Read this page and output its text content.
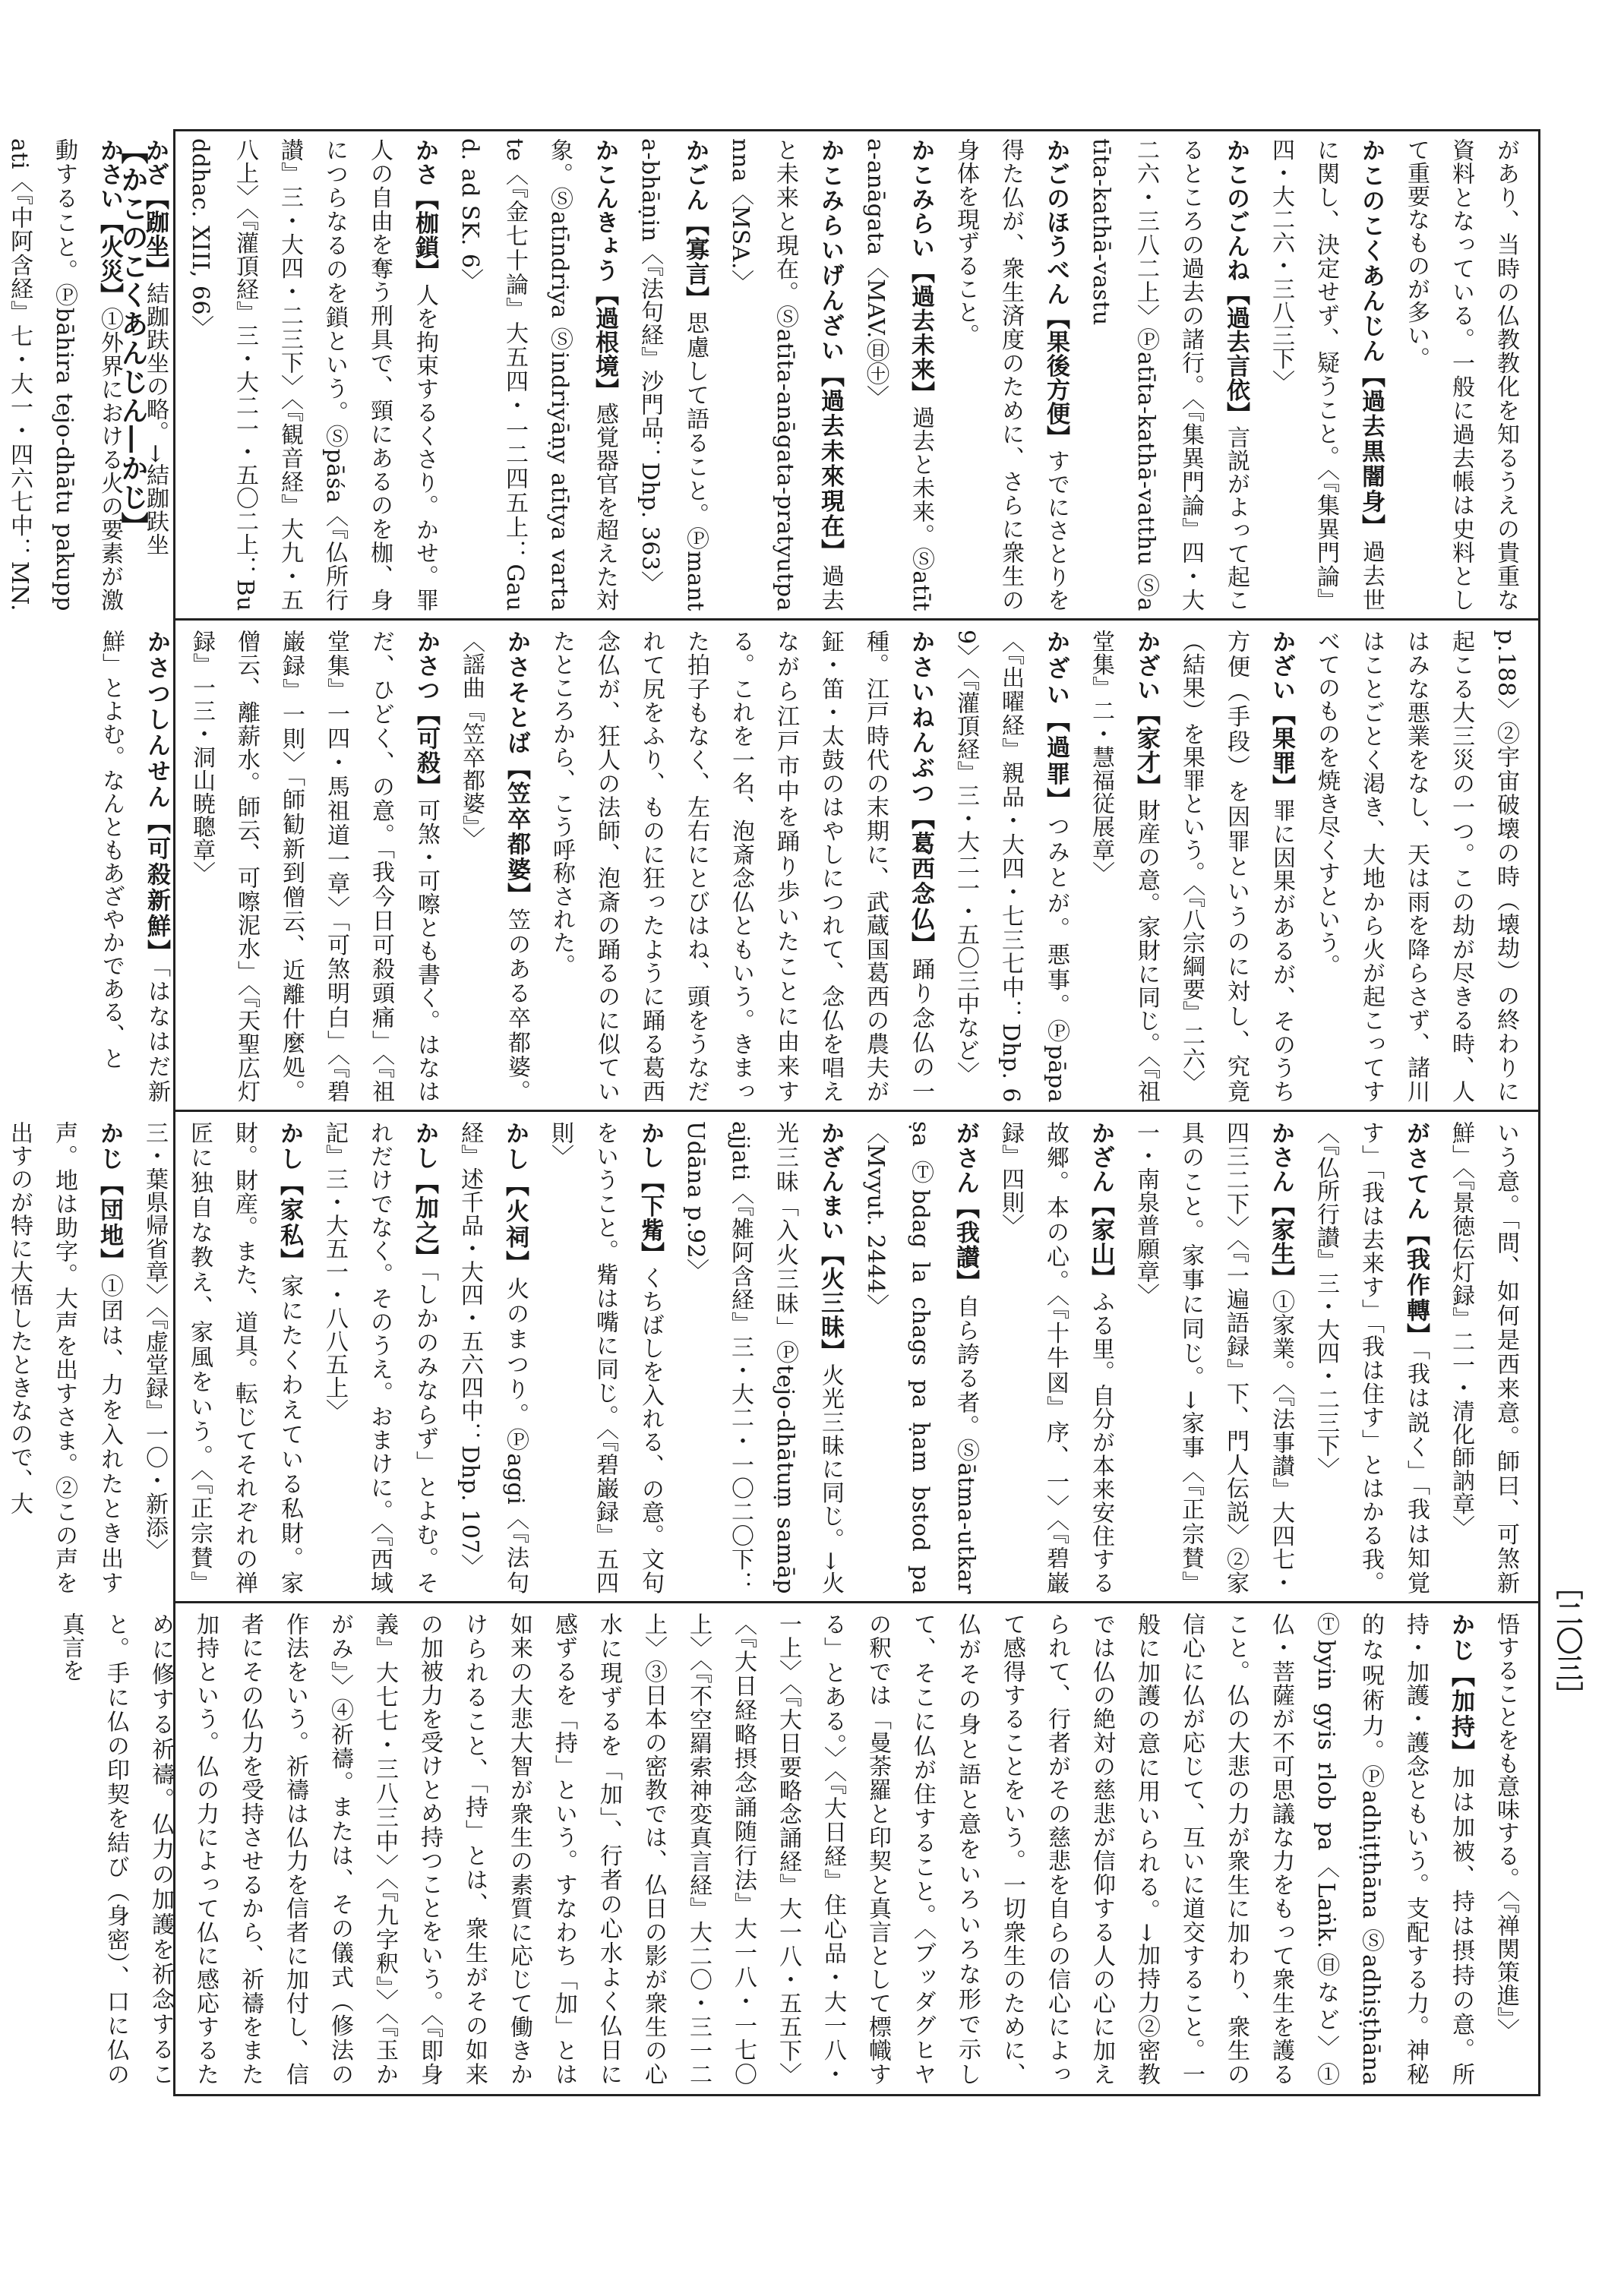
【かこのこくあんじん―かじ】
［二〇三］
があり、当時の仏教教化を知るうえの貴重な資料となっている。一般に過去帳は史料として重要なものが多い。
かこのこくあんじん【過去黒闇身】過去世に関し、決定せず、疑うこと。〈『集異門論』四・大二六・三八三下〉
かこのごんね【過去言依】言説がよって起こるところの過去の諸行。〈『集異門論』四・大二六・三八二上〉Ⓟatīta-kathā-vatthu Ⓢatīta-kathā-vastu
かごのほうべん【果後方便】すでにさとりを得た仏が、衆生済度のために、さらに衆生の身体を現ずること。
かこみらい【過去未来】過去と未来。Ⓢatīta-anāgata〈MAV.㊐㊉〉
かこみらいげんざい【過去未來現在】過去と未来と現在。Ⓢatīta-anāgata-pratyutpanna〈MSA.〉
かごん【寡言】思慮して語ること。Ⓟmanta-bhāṇin〈『法句経』沙門品：Dhp. 363〉
かこんきょう【過根境】感覚器官を超えた対象。Ⓢatīndriya Ⓢindriyāṇy atītya vartate〈『金七十論』大五四・一二四五上：Gaud. ad SK. 6〉
かさ【枷鎖】人を拘束するくさり。かせ。罪人の自由を奪う刑具で、頸にあるのを枷、身につらなるのを鎖という。Ⓢpāśa〈『仏所行讃』三・大四・二三下〉〈『観音経』大九・五八上〉〈『灌頂経』三・大二一・五〇二上：Buddhac. XIII, 66〉
かざ【跏坐】結跏趺坐の略。→結跏趺坐
かさい【火災】①外界における火の要素が激動すること。Ⓟbāhira tejo-dhātu pakuppati〈『中阿含経』七・大一・四六七中：MN.
p.188〉②宇宙破壊の時（壊劫）の終わりに起こる大三災の一つ。この劫が尽きる時、人はみな悪業をなし、天は雨を降らさず、諸川はことごとく渇き、大地から火が起こってすべてのものを焼き尽くすという。
かざい【果罪】罪に因果があるが、そのうち方便（手段）を因罪というのに対し、究竟（結果）を果罪という。〈『八宗綱要』二六〉
かざい【家才】財産の意。家財に同じ。〈『祖堂集』二・慧福従展章〉
かざい【過罪】つみとが。悪事。Ⓟpāpa〈『出曜経』親品・大四・七三七中：Dhp. 69〉〈『灌頂経』三・大二一・五〇三中など〉
かさいねんぶつ【葛西念仏】踊り念仏の一種。江戸時代の末期に、武蔵国葛西の農夫が鉦・笛・太鼓のはやしにつれて、念仏を唱えながら江戸市中を踊り歩いたことに由来する。これを一名、泡斎念仏ともいう。きまった拍子もなく、左右にとびはね、頭をうなだれて尻をふり、ものに狂ったように踊る葛西念仏が、狂人の法師、泡斎の踊るのに似ていたところから、こう呼称された。
かさそとば【笠卒都婆】笠のある卒都婆。〈謡曲『笠卒都婆』〉
かさつ【可殺】可煞・可嚓とも書く。はなはだ、ひどく、の意。「我今日可殺頭痛」〈『祖堂集』一四・馬祖道一章〉「可煞明白」〈『碧巌録』一則〉「師勧新到僧云、近離什麼処。僧云、離薪水。師云、可嚓泥水」〈『天聖広灯録』一三・洞山暁聰章〉
かさつしんせん【可殺新鮮】「はなはだ新鮮」とよむ。なんともあざやかである、と
いう意。「問、如何是西来意。師曰、可煞新鮮」〈『景徳伝灯録』二一・清化師訥章〉
がさてん【我作轉】「我は説く」「我は知覚す」「我は去来す」「我は住す」とはかる我。〈『仏所行讃』三・大四・二三下〉
かさん【家生】①家業。〈『法事讃』大四七・四三二下〉〈『一遍語録』下、門人伝説〉②家具のこと。家事に同じ。→家事〈『正宗賛』一・南泉普願章〉
かざん【家山】ふる里。自分が本来安住する故郷。本の心。〈『十牛図』序、一〉〈『碧巌録』四則〉
がさん【我讃】自ら誇る者。Ⓢātma-utkarṣa Ⓣbdag la chags pa ḥam bstod pa〈Mvyut. 2444〉
かざんまい【火三昧】火光三昧に同じ。→火光三昧「入火三昧」Ⓟtejo-dhātuṃ samāpajjati〈『雑阿含経』三・大二・一〇二〇下：Udāna p.92〉
かし【下觜】くちばしを入れる、の意。文句をいうこと。觜は嘴に同じ。〈『碧巌録』五四則〉
かし【火祠】火のまつり。Ⓟaggi〈『法句経』述千品・大四・五六四中：Dhp. 107〉
かし【加之】「しかのみならず」とよむ。それだけでなく。そのうえ。おまけに。〈『西域記』三・大五一・八八五上〉
かし【家私】家にたくわえている私財。家財。財産。また、道具。転じてそれぞれの禅匠に独自な教え、家風をいう。〈『正宗賛』三・葉県帰省章〉〈『虚堂録』一〇・新添〉
かじ【団地】①囝は、力を入れたとき出す声。地は助字。大声を出すさま。②この声を出すのが特に大悟したときなので、大
悟することをも意味する。〈『禅関策進』〉
かじ【加持】加は加被、持は摂持の意。所持・加護・護念ともいう。支配する力。神秘的な呪術力。Ⓟadhiṭṭhāna Ⓢadhiṣṭhāna Ⓣbyin gyis rlob pa〈Laṅk.㊐など〉①仏・菩薩が不可思議な力をもって衆生を護ること。仏の大悲の力が衆生に加わり、衆生の信心に仏が応じて、互いに道交すること。一般に加護の意に用いられる。→加持力②密教では仏の絶対の慈悲が信仰する人の心に加えられて、行者がその慈悲を自らの信心によって感得することをいう。一切衆生のために、仏がその身と語と意をいろいろな形で示して、そこに仏が住すること。〈ブッダグヒヤの釈では「曼荼羅と印契と真言として標幟する」とある。〉〈『大日経』住心品・大一八・一上〉〈『大日要略念誦経』大一八・五五下〉〈『大日経略摂念誦随行法』大一八・一七〇上〉〈『不空羂索神変真言経』大二〇・三一二上〉③日本の密教では、仏日の影が衆生の心水に現ずるを「加」、行者の心水よく仏日に感ずるを「持」という。すなわち「加」とは如来の大悲大智が衆生の素質に応じて働きかけられること、「持」とは、衆生がその如来の加被力を受けとめ持つことをいう。〈『即身義』大七七・三八三中〉〈『九字釈』〉〈『玉かがみ』〉④祈禱。または、その儀式（修法の作法をいう。祈禱は仏力を信者に加付し、信者にその仏力を受持させるから、祈禱をまた加持という。仏の力によって仏に感応するために修する祈禱。仏力の加護を祈念すること。手に仏の印契を結び（身密）、口に仏の真言を
